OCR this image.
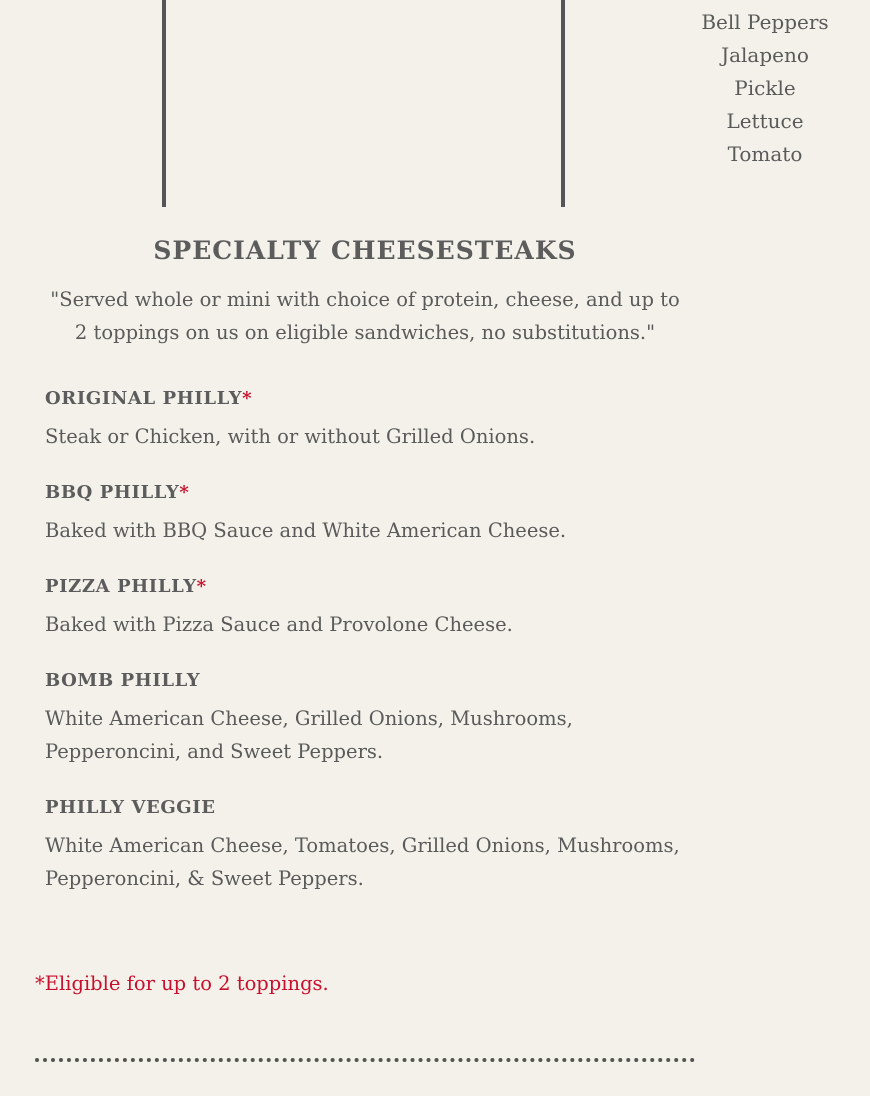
Bell Peppers
Jalapeno
Pickle
Lettuce
Tomato
SPECIALTY CHEESESTEAKS
"Served whole or mini with choice of protein, cheese, and up to 2 toppings on us on eligible sandwiches, no substitutions."
ORIGINAL PHILLY*

Steak or Chicken, with or without Grilled Onions.

BBQ PHILLY*

Baked with BBQ Sauce and White American Cheese.

PIZZA PHILLY*

Baked with Pizza Sauce and Provolone Cheese.

BOMB PHILLY

White American Cheese, Grilled Onions, Mushrooms, Pepperoncini, and Sweet Peppers.

PHILLY VEGGIE

White American Cheese, Tomatoes, Grilled Onions, Mushrooms, Pepperoncini, & Sweet Peppers.

*Eligible for up to 2 toppings.
